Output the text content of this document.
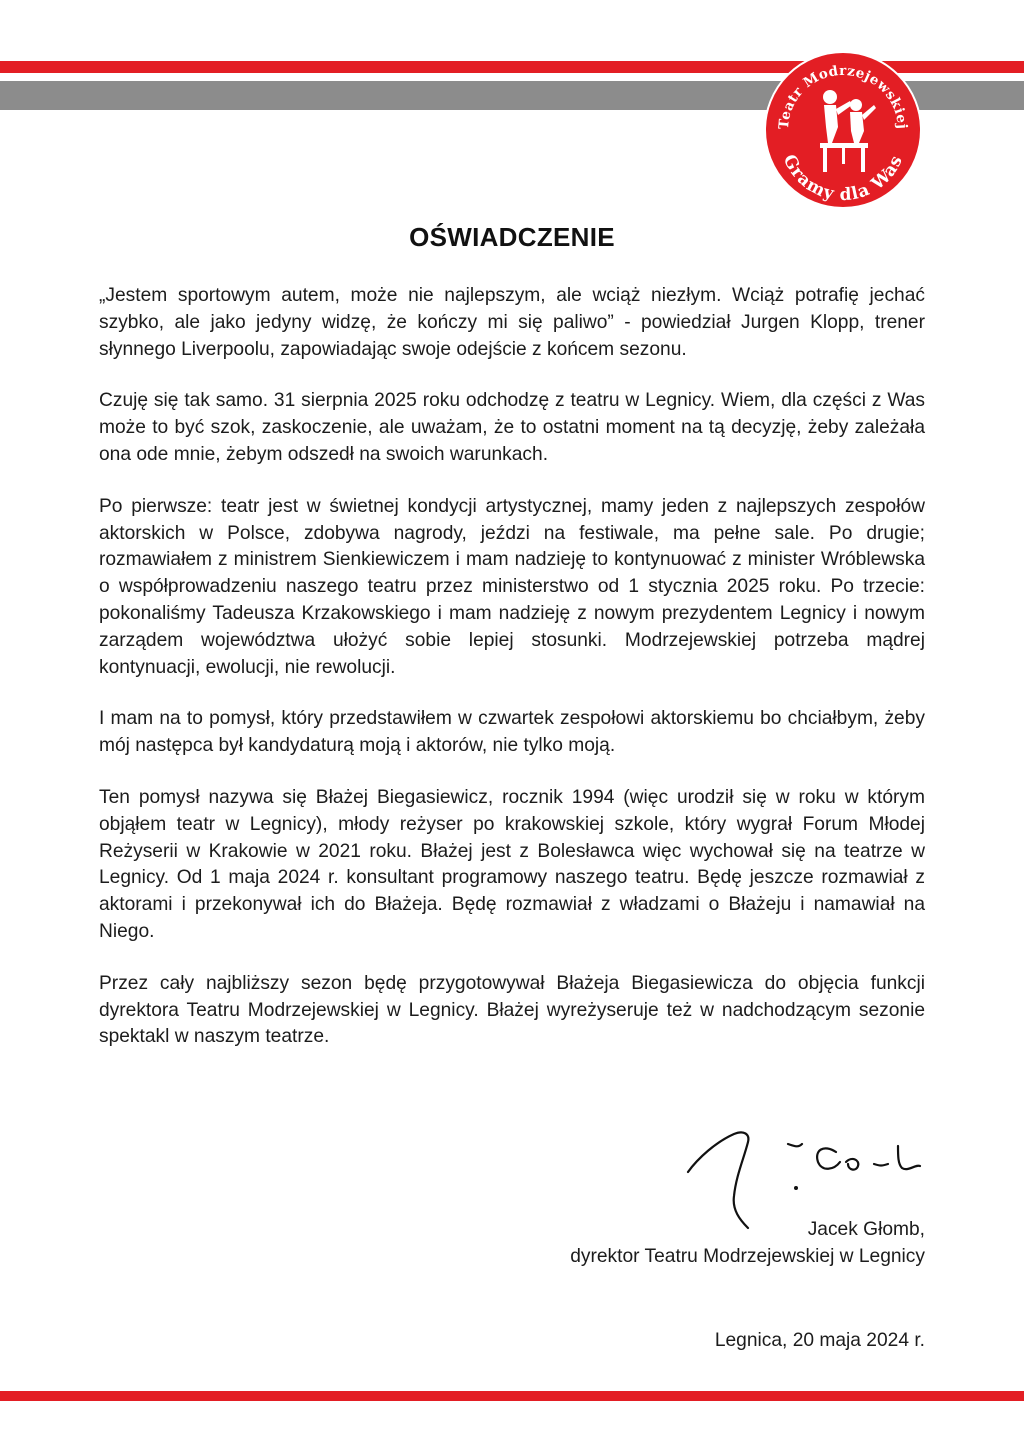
Teatr Modrzejewskiej
Gramy dla Was
OŚWIADCZENIE

„Jestem sportowym autem, może nie najlepszym, ale wciąż niezłym. Wciąż potrafię jechać szybko, ale jako jedyny widzę, że kończy mi się paliwo” - powiedział Jurgen Klopp, trener słynnego Liverpoolu, zapowiadając swoje odejście z końcem sezonu.

Czuję się tak samo. 31 sierpnia 2025 roku odchodzę z teatru w Legnicy. Wiem, dla części z Was może to być szok, zaskoczenie, ale uważam, że to ostatni moment na tą decyzję, żeby zależała ona ode mnie, żebym odszedł na swoich warunkach.

Po pierwsze: teatr jest w świetnej kondycji artystycznej, mamy jeden z najlepszych zespołów aktorskich w Polsce, zdobywa nagrody, jeździ na festiwale, ma pełne sale. Po drugie; rozmawiałem z ministrem Sienkiewiczem i mam nadzieję to kontynuować z minister Wróblewska o współprowadzeniu naszego teatru przez ministerstwo od 1 stycznia 2025 roku. Po trzecie: pokonaliśmy Tadeusza Krzakowskiego i mam nadzieję z nowym prezydentem Legnicy i nowym zarządem województwa ułożyć sobie lepiej stosunki. Modrzejewskiej potrzeba mądrej kontynuacji, ewolucji, nie rewolucji.

I mam na to pomysł, który przedstawiłem w czwartek zespołowi aktorskiemu bo chciałbym, żeby mój następca był kandydaturą moją i aktorów, nie tylko moją.

Ten pomysł nazywa się Błażej Biegasiewicz, rocznik 1994 (więc urodził się w roku w którym objąłem teatr w Legnicy), młody reżyser po krakowskiej szkole, który wygrał Forum Młodej Reżyserii w Krakowie w 2021 roku. Błażej jest z Bolesławca więc wychował się na teatrze w Legnicy. Od 1 maja 2024 r. konsultant programowy naszego teatru. Będę jeszcze rozmawiał z aktorami i przekonywał ich do Błażeja. Będę rozmawiał z władzami o Błażeju i namawiał na Niego.

Przez cały najbliższy sezon będę przygotowywał Błażeja Biegasiewicza do objęcia funkcji dyrektora Teatru Modrzejewskiej w Legnicy. Błażej wyreżyseruje też w nadchodzącym sezonie spektakl w naszym teatrze.

Jacek Głomb,
dyrektor Teatru Modrzejewskiej w Legnicy
Legnica, 20 maja 2024 r.
